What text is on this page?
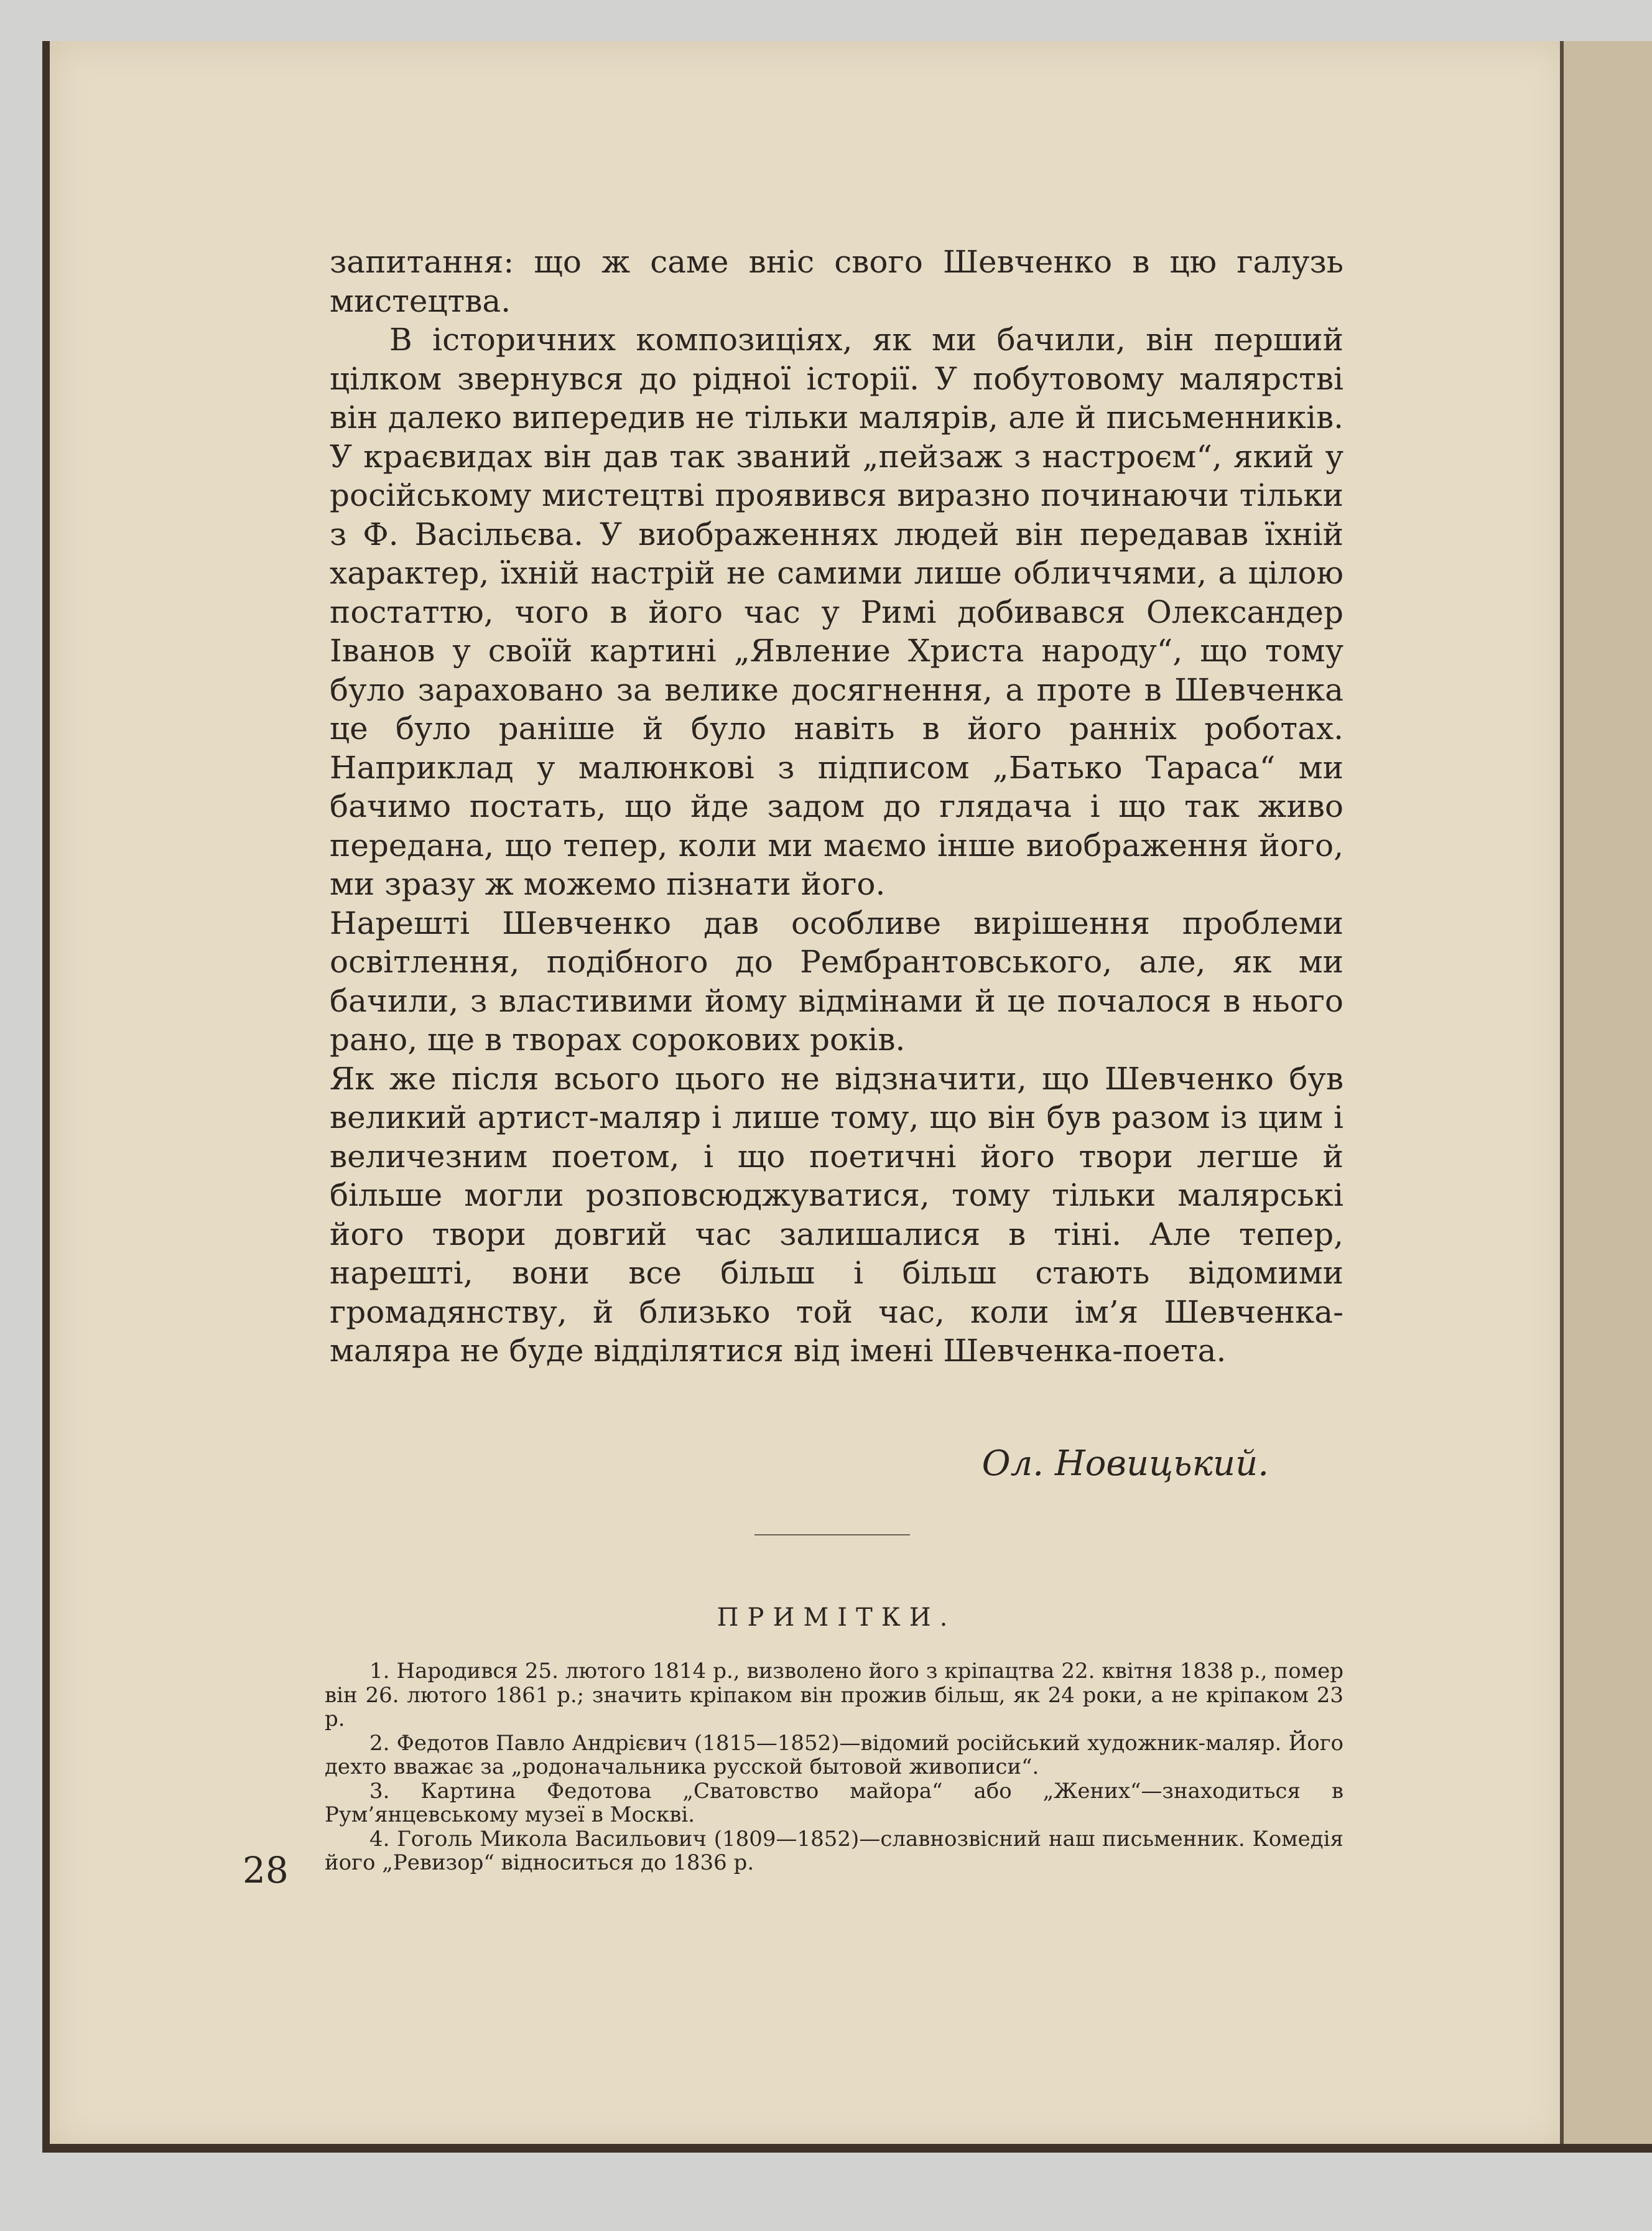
запитання: що ж саме вніс свого Шевченко в цю галузь мистецтва.

В історичних композиціях, як ми бачили, він перший цілком звернувся до рідної історії. У побутовому малярстві він далеко випередив не тільки малярів, але й письменників. У краєвидах він дав так званий „пейзаж з настроєм“, який у російському мистецтві проявився виразно починаючи тільки з Ф. Васільєва. У виображеннях людей він передавав їхній характер, їхній настрій не самими лише обличчями, а цілою постаттю, чого в його час у Римі добивався Олександер Іванов у своїй картині „Явление Христа народу“, що тому було зараховано за велике досягнення, а проте в Шевченка це було раніше й було навіть в його ранніх роботах. Наприклад у малюнкові з підписом „Батько Тараса“ ми бачимо постать, що йде задом до глядача і що так живо передана, що тепер, коли ми маємо інше виображення його, ми зразу ж можемо пізнати його.

Нарешті Шевченко дав особливе вирішення проблеми освітлення, подібного до Рембрантовського, але, як ми бачили, з властивими йому відмінами й це почалося в нього рано, ще в творах сорокових років.

Як же після всього цього не відзначити, що Шевченко був великий артист-маляр і лише тому, що він був разом із цим і величезним поетом, і що поетичні його твори легше й більше могли розповсюджуватися, тому тільки малярські його твори довгий час залишалися в тіні. Але тепер, нарешті, вони все більш і більш стають відомими громадянству, й близько той час, коли ім’я Шевченка-маляра не буде відділятися від імені Шевченка-поета.

Ол. Новицький.
ПРИМІТКИ.

1. Народився 25. лютого 1814 р., визволено його з кріпацтва 22. квітня 1838 р., помер він 26. лютого 1861 р.; значить кріпаком він прожив більш, як 24 роки, а не кріпаком 23 р.

2. Федотов Павло Андрієвич (1815—1852)—відомий російський художник-маляр. Його дехто вважає за „родоначальника русской бытовой живописи“.

3. Картина Федотова „Сватовство майора“ або „Жених“—знаходиться в Рум’янцевському музеї в Москві.

4. Гоголь Микола Васильович (1809—1852)—славнозвісний наш письменник. Комедія його „Ревизор“ відноситься до 1836 р.

28
